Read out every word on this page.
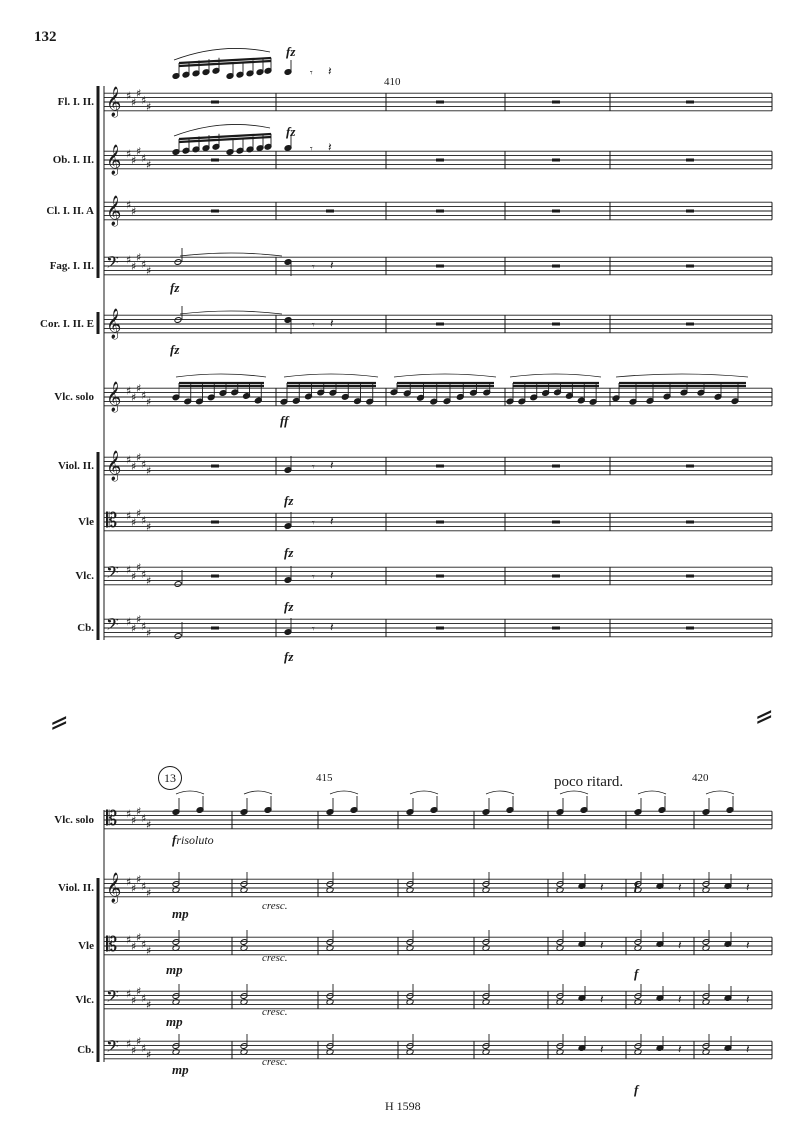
132
𝄞 ♯
♯
♯
♯
♯
𝄞 ♯
♯
♯
♯
♯
𝄞 ♯
♯
𝄢 ♯
♯
♯
♯
♯
𝄞
𝄞 ♯
♯
♯
♯
♯
𝄞 ♯
♯
♯
♯
♯
𝄡 ♯
♯
♯
♯
♯
𝄢 ♯
♯
♯
♯
♯
𝄢 ♯
♯
♯
♯
♯
𝄡 ♯
♯
♯
♯
♯
𝄞 ♯
♯
♯
♯
♯
𝄡 ♯
♯
♯
♯
♯
𝄢 ♯
♯
♯
♯
♯
𝄢 ♯
♯
♯
♯
♯
𝄾 𝄽
𝄾 𝄽
𝄾 𝄽
𝄾 𝄽
𝄾 𝄽
𝄾 𝄽
𝄾 𝄽
𝄾 𝄽
𝄽	𝄽	𝄽
𝄽	𝄽	𝄽
𝄽	𝄽	𝄽
𝄽	𝄽	𝄽
Fl. I. II.
Ob. I. II.
Cl. I. II. A
Fag. I. II.
Cor. I. II. E
Vlc. solo
Viol. II.
Vle
Vlc.
Cb.
Vlc. solo
Viol. II.
Vle
Vlc.
Cb.
410
415	420
fz
fz
fz
fz
ff
fz
fz
fz
fz
frisoluto
mp	cresc.
mp
cresc.
mp
cresc.
mp	cresc.
f
f
f
13	poco ritard.
=	=
H 1598
